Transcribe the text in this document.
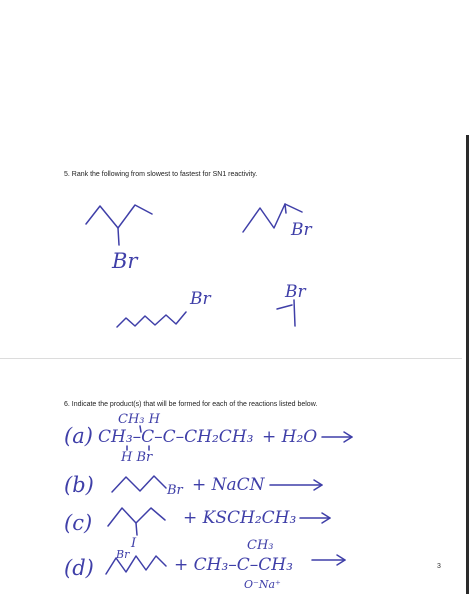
5. Rank the following from slowest to fastest for SN1 reactivity.
6. Indicate the product(s) that will be formed for each of the reactions listed below.
3
Br
Br
Br	Br
(a) CH₃–C–C–CH₂CH₃
CH₃ H
H Br
+ H₂O
(b)	Br + NaCN
(c)
I
+ KSCH₂CH₃
(d)
Br
+ CH₃–C–CH₃
CH₃
O⁻Na⁺
